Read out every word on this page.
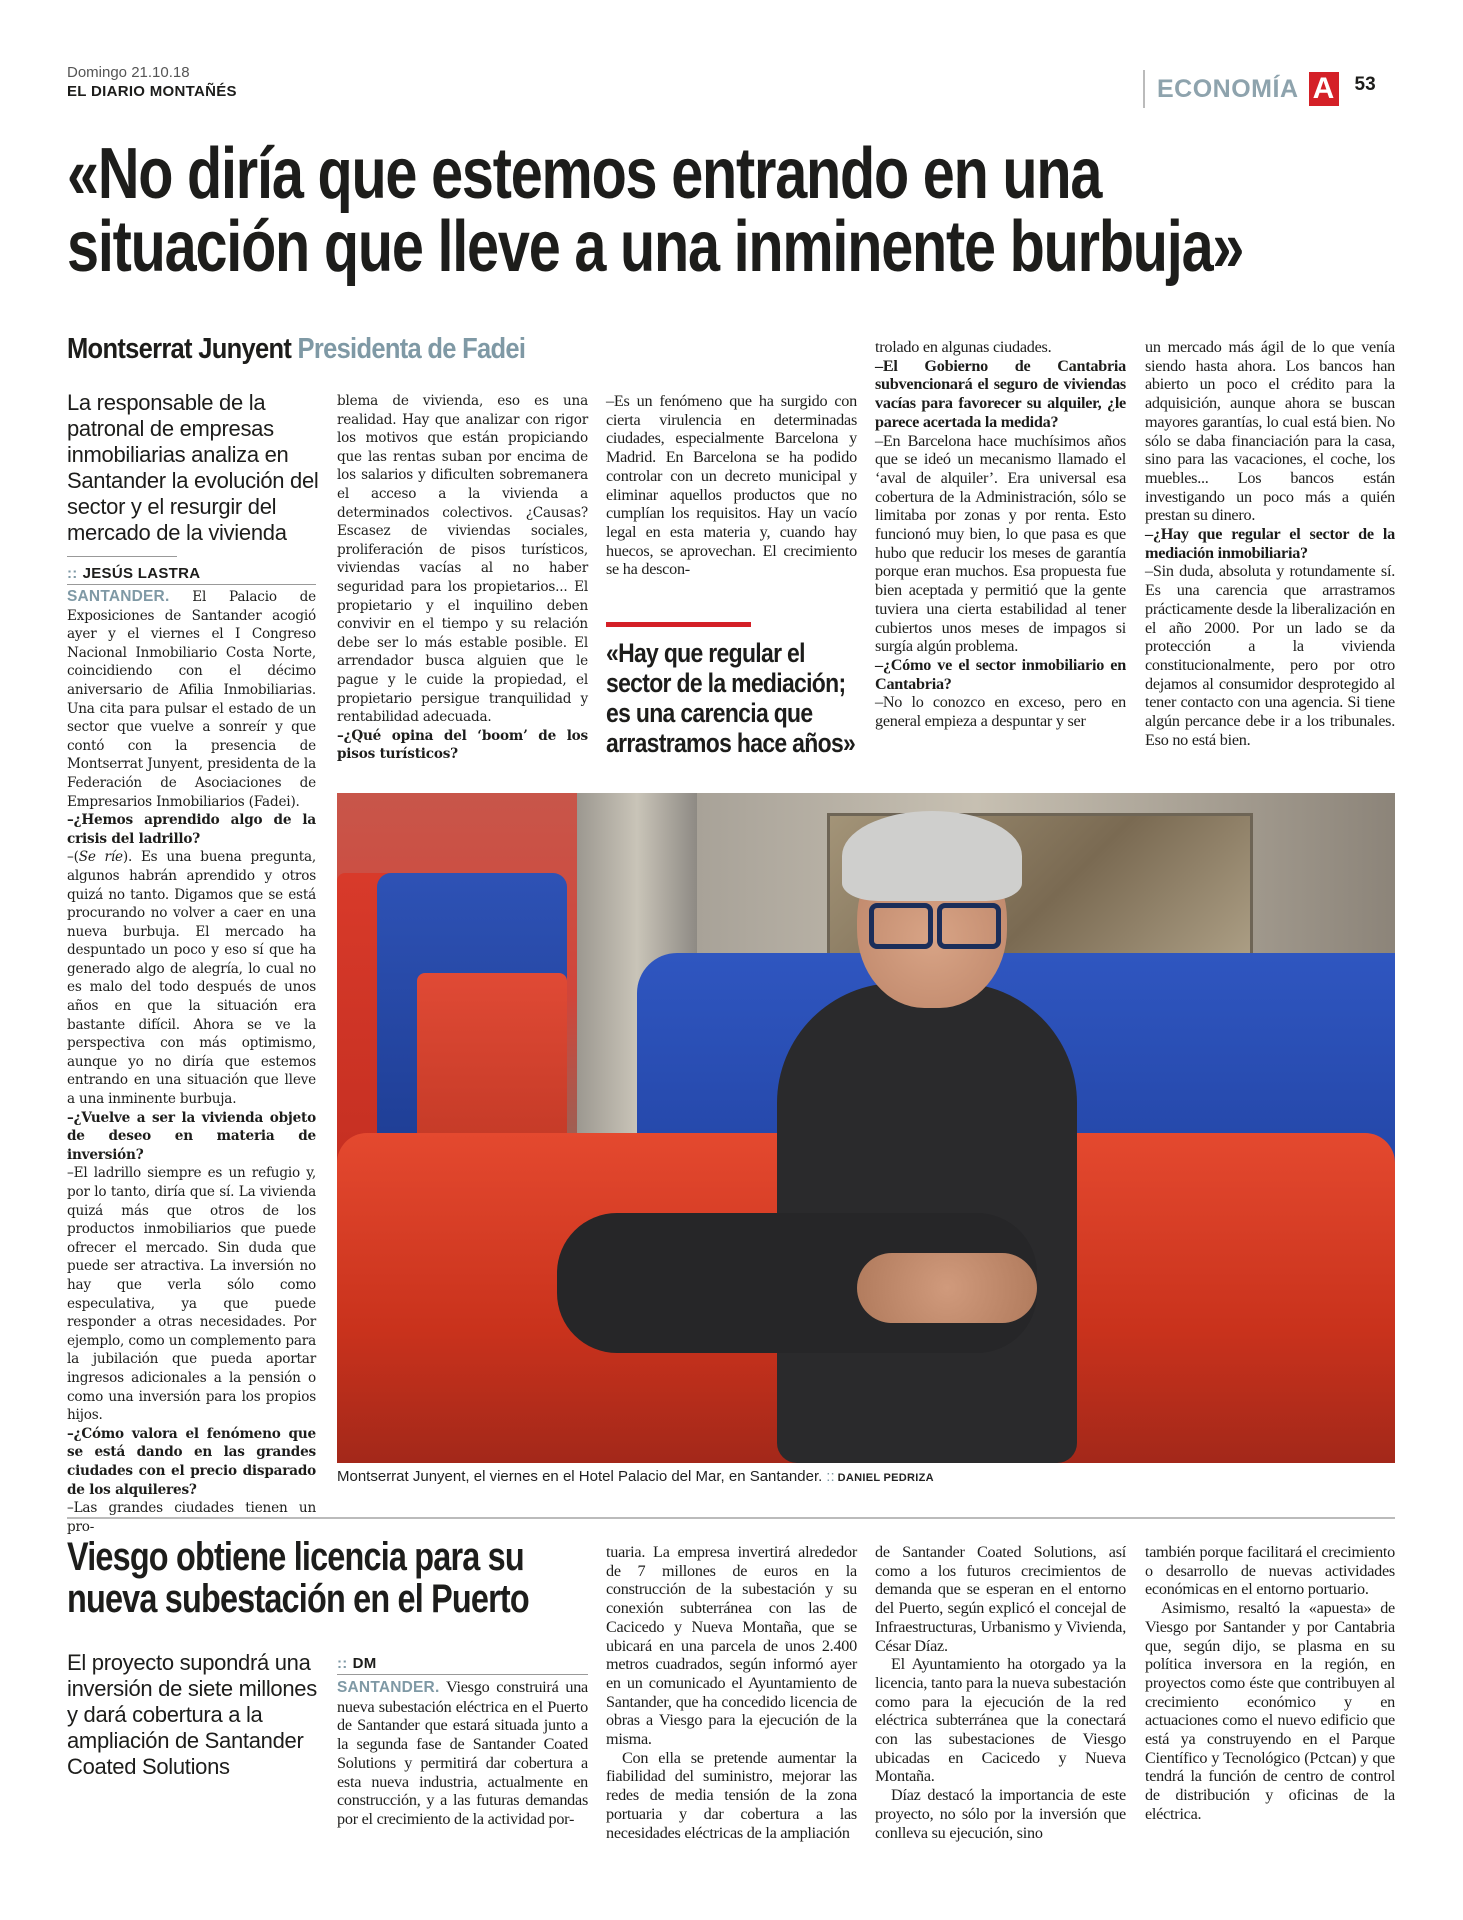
Domingo 21.10.18
EL DIARIO MONTAÑÉS	ECONOMÍA A 53
«No diría que estemos entrando en una
situación que lleve a una inminente burbuja»
Montserrat Junyent Presidenta de Fadei
La responsable de la patronal de empresas inmobiliarias analiza en Santander la evolución del sector y el resurgir del mercado de la vivienda
:: JESÚS LASTRA

SANTANDER. El Palacio de Exposiciones de Santander acogió ayer y el viernes el I Congreso Nacional Inmobiliario Costa Norte, coincidiendo con el décimo aniversario de Afilia Inmobiliarias. Una cita para pulsar el estado de un sector que vuelve a sonreír y que contó con la presencia de Montserrat Junyent, presidenta de la Federación de Asociaciones de Empresarios Inmobiliarios (Fadei).

–¿Hemos aprendido algo de la crisis del ladrillo?

–(Se ríe). Es una buena pregunta, algunos habrán aprendido y otros quizá no tanto. Digamos que se está procurando no volver a caer en una nueva burbuja. El mercado ha despuntado un poco y eso sí que ha generado algo de alegría, lo cual no es malo del todo después de unos años en que la situación era bastante difícil. Ahora se ve la perspectiva con más optimismo, aunque yo no diría que estemos entrando en una situación que lleve a una inminente burbuja.

–¿Vuelve a ser la vivienda objeto de deseo en materia de inversión?

–El ladrillo siempre es un refugio y, por lo tanto, diría que sí. La vivienda quizá más que otros de los productos inmobiliarios que puede ofrecer el mercado. Sin duda que puede ser atractiva. La inversión no hay que verla sólo como especulativa, ya que puede responder a otras necesidades. Por ejemplo, como un complemento para la jubilación que pueda aportar ingresos adicionales a la pensión o como una inversión para los propios hijos.

–¿Cómo valora el fenómeno que se está dando en las grandes ciudades con el precio disparado de los alquileres?

–Las grandes ciudades tienen un pro-

blema de vivienda, eso es una realidad. Hay que analizar con rigor los motivos que están propiciando que las rentas suban por encima de los salarios y dificulten sobremanera el acceso a la vivienda a determinados colectivos. ¿Causas? Escasez de viviendas sociales, proliferación de pisos turísticos, viviendas vacías al no haber seguridad para los propietarios... El propietario y el inquilino deben convivir en el tiempo y su relación debe ser lo más estable posible. El arrendador busca alguien que le pague y le cuide la propiedad, el propietario persigue tranquilidad y rentabilidad adecuada.

–¿Qué opina del ‘boom’ de los pisos turísticos?

–Es un fenómeno que ha surgido con cierta virulencia en determinadas ciudades, especialmente Barcelona y Madrid. En Barcelona se ha podido controlar con un decreto municipal y eliminar aquellos productos que no cumplían los requisitos. Hay un vacío legal en esta materia y, cuando hay huecos, se aprovechan. El crecimiento se ha descon-

«Hay que regular el sector de la mediación; es una carencia que arrastramos hace años»

trolado en algunas ciudades.

–El Gobierno de Cantabria subvencionará el seguro de viviendas vacías para favorecer su alquiler, ¿le parece acertada la medida?

–En Barcelona hace muchísimos años que se ideó un mecanismo llamado el ‘aval de alquiler’. Era universal esa cobertura de la Administración, sólo se limitaba por zonas y por renta. Esto funcionó muy bien, lo que pasa es que hubo que reducir los meses de garantía porque eran muchos. Esa propuesta fue bien aceptada y permitió que la gente tuviera una cierta estabilidad al tener cubiertos unos meses de impagos si surgía algún problema.

–¿Cómo ve el sector inmobiliario en Cantabria?

–No lo conozco en exceso, pero en general empieza a despuntar y ser

un mercado más ágil de lo que venía siendo hasta ahora. Los bancos han abierto un poco el crédito para la adquisición, aunque ahora se buscan mayores garantías, lo cual está bien. No sólo se daba financiación para la casa, sino para las vacaciones, el coche, los muebles... Los bancos están investigando un poco más a quién prestan su dinero.

–¿Hay que regular el sector de la mediación inmobiliaria?

–Sin duda, absoluta y rotundamente sí. Es una carencia que arrastramos prácticamente desde la liberalización en el año 2000. Por un lado se da protección a la vivienda constitucionalmente, pero por otro dejamos al consumidor desprotegido al tener contacto con una agencia. Si tiene algún percance debe ir a los tribunales. Eso no está bien.

Montserrat Junyent, el viernes en el Hotel Palacio del Mar, en Santander. :: DANIEL PEDRIZA
Viesgo obtiene licencia para su nueva subestación en el Puerto
El proyecto supondrá una inversión de siete millones y dará cobertura a la ampliación de Santander Coated Solutions
:: DM

SANTANDER. Viesgo construirá una nueva subestación eléctrica en el Puerto de Santander que estará situada junto a la segunda fase de Santander Coated Solutions y permitirá dar cobertura a esta nueva industria, actualmente en construcción, y a las futuras demandas por el crecimiento de la actividad por-

tuaria. La empresa invertirá alrededor de 7 millones de euros en la construcción de la subestación y su conexión subterránea con las de Cacicedo y Nueva Montaña, que se ubicará en una parcela de unos 2.400 metros cuadrados, según informó ayer en un comunicado el Ayuntamiento de Santander, que ha concedido licencia de obras a Viesgo para la ejecución de la misma.

Con ella se pretende aumentar la fiabilidad del suministro, mejorar las redes de media tensión de la zona portuaria y dar cobertura a las necesidades eléctricas de la ampliación

de Santander Coated Solutions, así como a los futuros crecimientos de demanda que se esperan en el entorno del Puerto, según explicó el concejal de Infraestructuras, Urbanismo y Vivienda, César Díaz.

El Ayuntamiento ha otorgado ya la licencia, tanto para la nueva subestación como para la ejecución de la red eléctrica subterránea que la conectará con las subestaciones de Viesgo ubicadas en Cacicedo y Nueva Montaña.

Díaz destacó la importancia de este proyecto, no sólo por la inversión que conlleva su ejecución, sino

también porque facilitará el crecimiento o desarrollo de nuevas actividades económicas en el entorno portuario.

Asimismo, resaltó la «apuesta» de Viesgo por Santander y por Cantabria que, según dijo, se plasma en su política inversora en la región, en proyectos como éste que contribuyen al crecimiento económico y en actuaciones como el nuevo edificio que está ya construyendo en el Parque Científico y Tecnológico (Pctcan) y que tendrá la función de centro de control de distribución y oficinas de la eléctrica.
